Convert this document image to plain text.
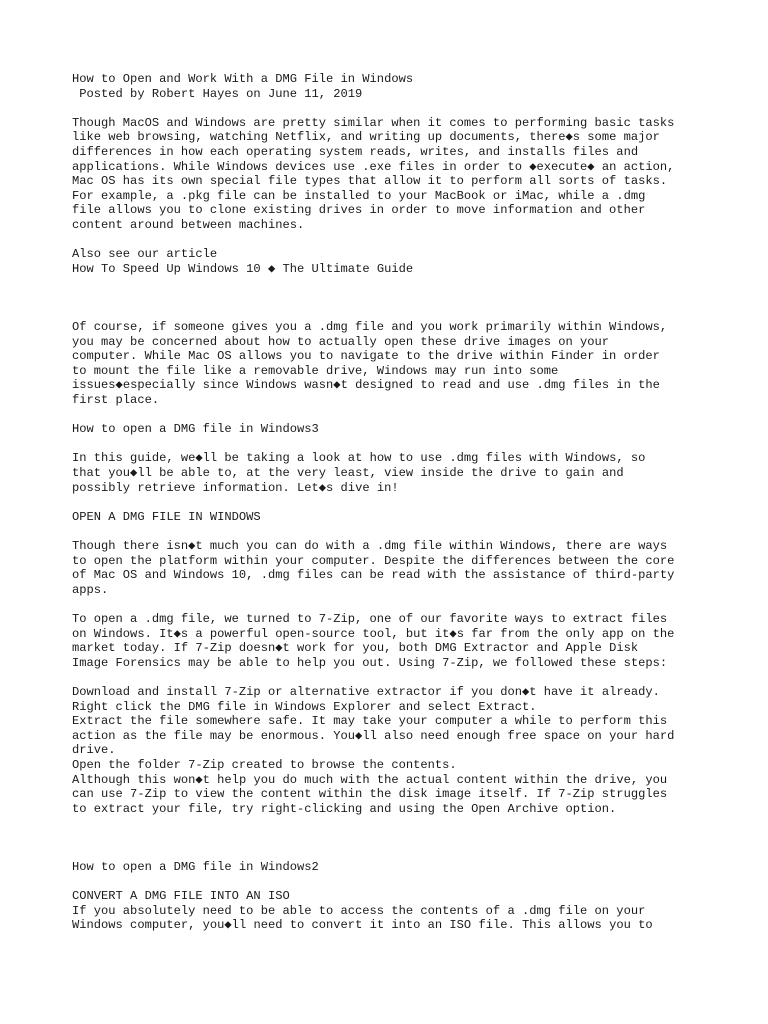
How to Open and Work With a DMG File in Windows
Posted by Robert Hayes on June 11, 2019
Though MacOS and Windows are pretty similar when it comes to performing basic tasks
like web browsing, watching Netflix, and writing up documents, there◆s some major
differences in how each operating system reads, writes, and installs files and
applications. While Windows devices use .exe files in order to ◆execute◆ an action,
Mac OS has its own special file types that allow it to perform all sorts of tasks.
For example, a .pkg file can be installed to your MacBook or iMac, while a .dmg
file allows you to clone existing drives in order to move information and other
content around between machines.
Also see our article
How To Speed Up Windows 10 ◆ The Ultimate Guide
Of course, if someone gives you a .dmg file and you work primarily within Windows,
you may be concerned about how to actually open these drive images on your
computer. While Mac OS allows you to navigate to the drive within Finder in order
to mount the file like a removable drive, Windows may run into some
issues◆especially since Windows wasn◆t designed to read and use .dmg files in the
first place.
How to open a DMG file in Windows3
In this guide, we◆ll be taking a look at how to use .dmg files with Windows, so
that you◆ll be able to, at the very least, view inside the drive to gain and
possibly retrieve information. Let◆s dive in!
OPEN A DMG FILE IN WINDOWS
Though there isn◆t much you can do with a .dmg file within Windows, there are ways
to open the platform within your computer. Despite the differences between the core
of Mac OS and Windows 10, .dmg files can be read with the assistance of third-party
apps.
To open a .dmg file, we turned to 7-Zip, one of our favorite ways to extract files
on Windows. It◆s a powerful open-source tool, but it◆s far from the only app on the
market today. If 7-Zip doesn◆t work for you, both DMG Extractor and Apple Disk
Image Forensics may be able to help you out. Using 7-Zip, we followed these steps:
Download and install 7-Zip or alternative extractor if you don◆t have it already.
Right click the DMG file in Windows Explorer and select Extract.
Extract the file somewhere safe. It may take your computer a while to perform this
action as the file may be enormous. You◆ll also need enough free space on your hard
drive.
Open the folder 7-Zip created to browse the contents.
Although this won◆t help you do much with the actual content within the drive, you
can use 7-Zip to view the content within the disk image itself. If 7-Zip struggles
to extract your file, try right-clicking and using the Open Archive option.
How to open a DMG file in Windows2
CONVERT A DMG FILE INTO AN ISO
If you absolutely need to be able to access the contents of a .dmg file on your
Windows computer, you◆ll need to convert it into an ISO file. This allows you to
